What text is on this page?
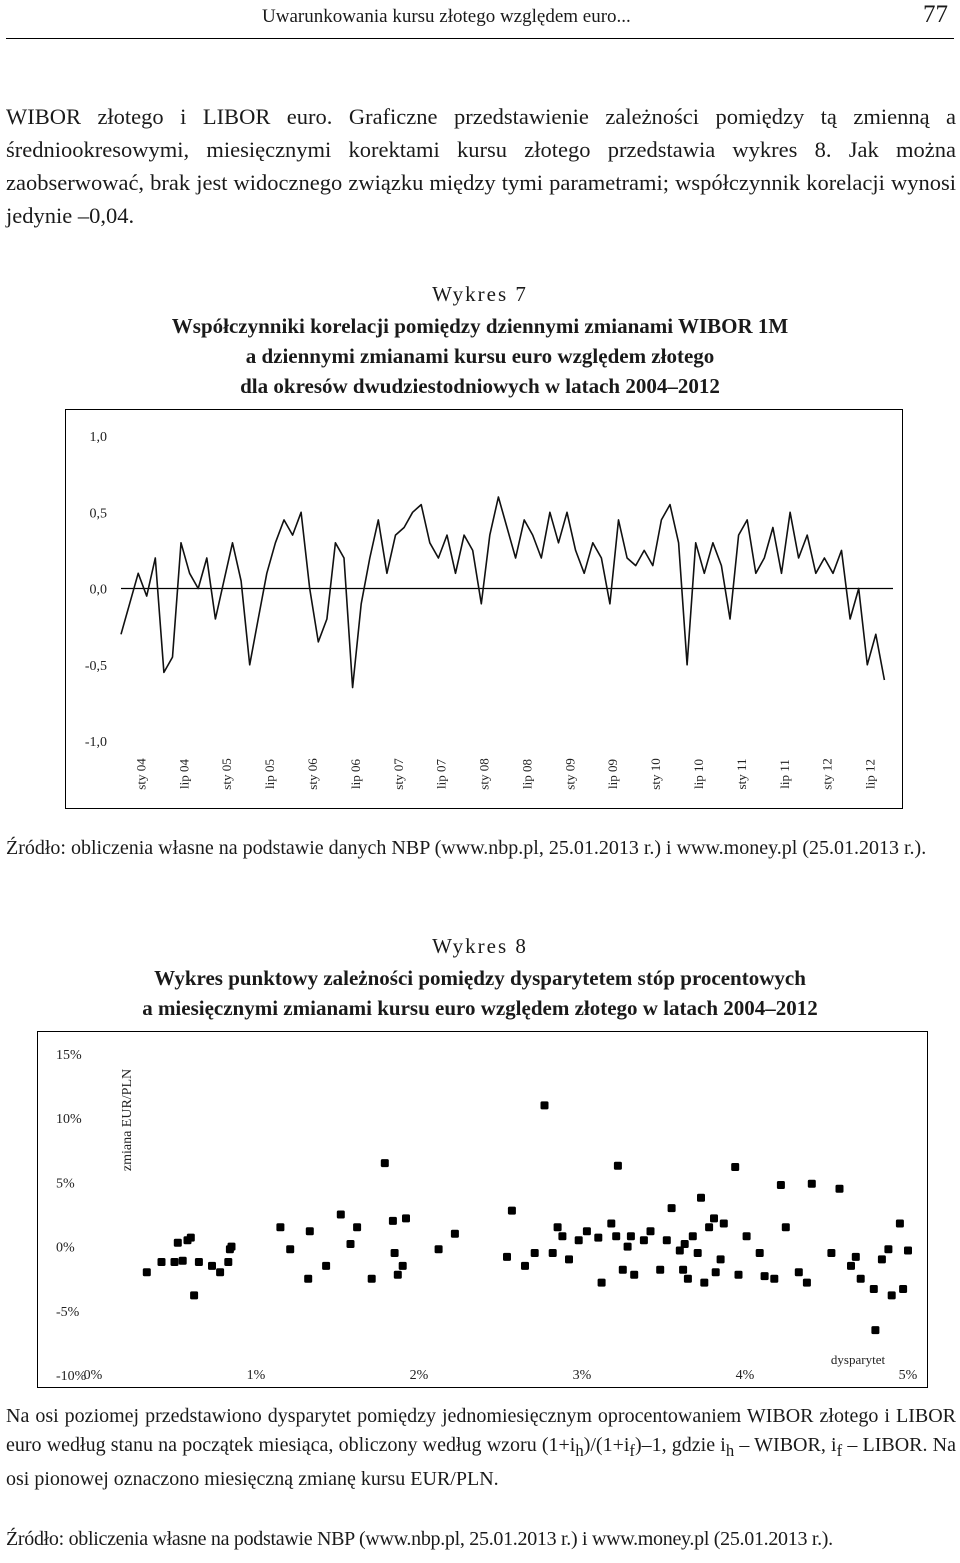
Uwarunkowania kursu złotego względem euro...	77

WIBOR złotego i LIBOR euro. Graficzne przedstawienie zależności pomiędzy tą zmienną a średniookresowymi, miesięcznymi korektami kursu złotego przedstawia wykres 8. Jak można zaobserwować, brak jest widocznego związku między tymi parametrami; współczynnik korelacji wynosi jedynie –0,04.

Wykres 7
Współczynniki korelacji pomiędzy dziennymi zmianami WIBOR 1M
a dziennymi zmianami kursu euro względem złotego
dla okresów dwudziestodniowych w latach 2004–2012
1,0
0,5
0,0
-0,5
-1,0
sty 04 lip 04 sty 05 lip 05 sty 06 lip 06 sty 07 lip 07 sty 08 lip 08 sty 09 lip 09 sty 10 lip 10 sty 11 lip 11 sty 12 lip 12

Źródło: obliczenia własne na podstawie danych NBP (www.nbp.pl, 25.01.2013 r.) i www.money.pl (25.01.2013 r.).

Wykres 8
Wykres punktowy zależności pomiędzy dysparytetem stóp procentowych
a miesięcznymi zmianami kursu euro względem złotego w latach 2004–2012
15%
10%
5%
0%
-5%
-10%
0%	1%	2%	3%	4%	5%
zmiana EUR/PLN
dysparytet

Na osi poziomej przedstawiono dysparytet pomiędzy jednomiesięcznym oprocentowaniem WIBOR złotego i LIBOR euro według stanu na początek miesiąca, obliczony według wzoru $(1+i_h)/(1+i_f)-1$, gdzie $i_h$ – WIBOR, $i_f$ – LIBOR. Na osi pionowej oznaczono miesięczną zmianę kursu EUR/PLN.

Źródło: obliczenia własne na podstawie NBP (www.nbp.pl, 25.01.2013 r.) i www.money.pl (25.01.2013 r.).
